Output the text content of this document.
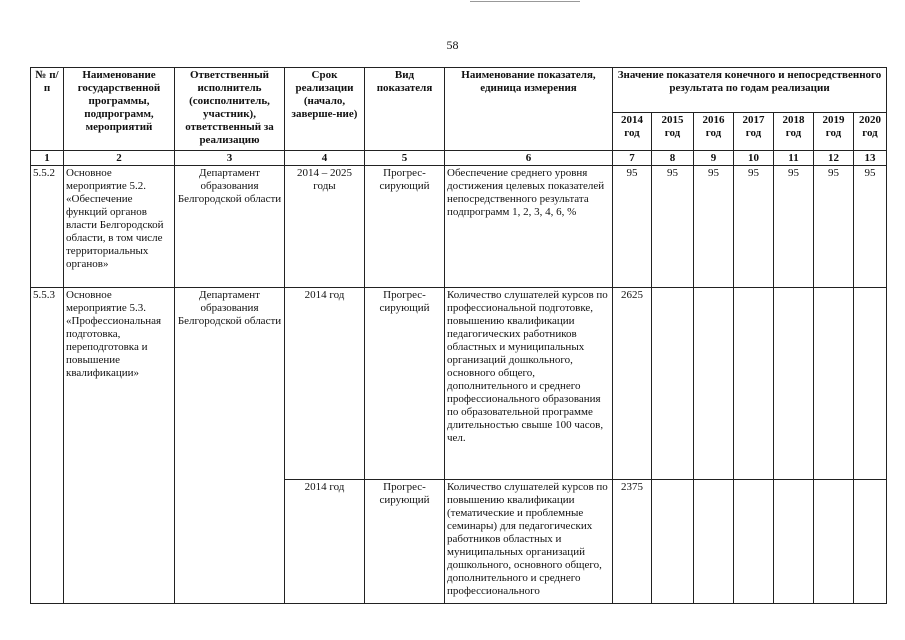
58
№ п/п	Наименование государственной программы, подпрограмм, мероприятий	Ответственный исполнитель (соисполнитель, участник), ответственный за реализацию	Срок реализации (начало, заверше-ние)	Вид показателя	Наименование показателя, единица измерения	Значение показателя конечного и непосредственного результата по годам реализации						
						2014 год	2015 год	2016 год	2017 год	2018 год	2019 год	2020 год
1	2	3	4	5	6	7	8	9	10	11	12	13
5.5.2	Основное мероприятие 5.2. «Обеспечение функций органов власти Белгородской области, в том числе территориальных органов»	Департамент образования Белгородской области	2014 – 2025 годы	Прогрес-сирующий	Обеспечение среднего уровня достижения целевых показателей непосредственного результата подпрограмм 1, 2, 3, 4, 6, %	95	95	95	95	95	95	95
5.5.3	Основное мероприятие 5.3. «Профессиональная подготовка, переподготовка и повышение квалификации»	Департамент образования Белгородской области	2014 год	Прогрес-сирующий	Количество слушателей курсов по профессиональной подготовке, повышению квалификации педагогических работников областных и муниципальных организаций дошкольного, основного общего, дополнительного и среднего профессионального образования по образовательной программе длительностью свыше 100 часов, чел.	2625						
			2014 год	Прогрес-сирующий	Количество слушателей курсов по повышению квалификации (тематические и проблемные семинары) для педагогических работников областных и муниципальных организаций дошкольного, основного общего, дополнительного и среднего профессионального	2375						
